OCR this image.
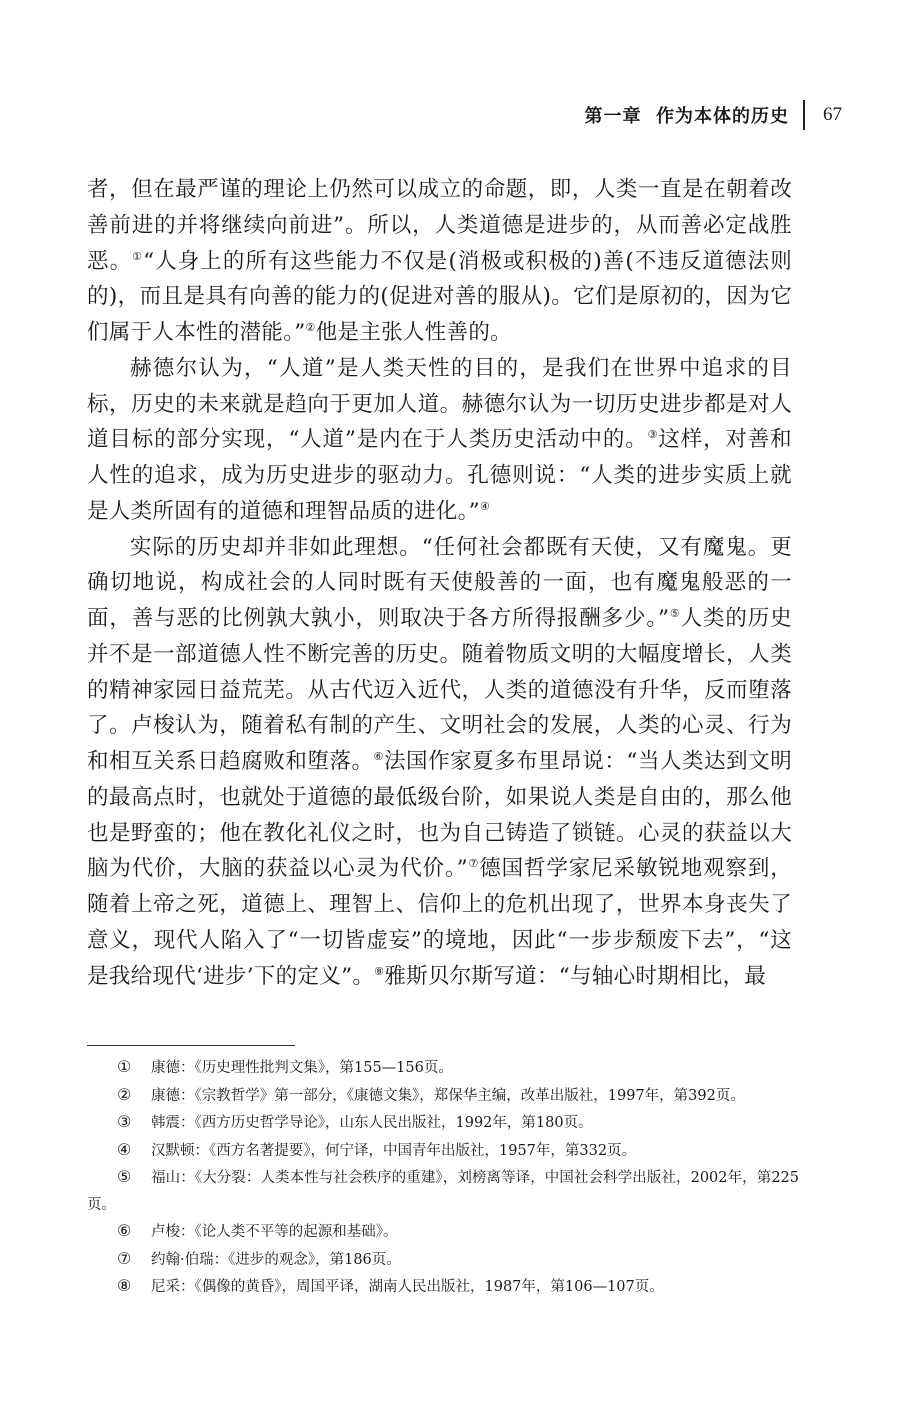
第一章  作为本体的历史 67

者，但在最严谨的理论上仍然可以成立的命题，即，人类一直是在朝着改善前进的并将继续向前进”。所以，人类道德是进步的，从而善必定战胜恶。①“人身上的所有这些能力不仅是(消极或积极的)善(不违反道德法则的)，而且是具有向善的能力的(促进对善的服从)。它们是原初的，因为它们属于人本性的潜能。”②他是主张人性善的。

赫德尔认为，“人道”是人类天性的目的，是我们在世界中追求的目标，历史的未来就是趋向于更加人道。赫德尔认为一切历史进步都是对人道目标的部分实现，“人道”是内在于人类历史活动中的。③这样，对善和人性的追求，成为历史进步的驱动力。孔德则说：“人类的进步实质上就是人类所固有的道德和理智品质的进化。”④

实际的历史却并非如此理想。“任何社会都既有天使，又有魔鬼。更确切地说，构成社会的人同时既有天使般善的一面，也有魔鬼般恶的一面，善与恶的比例孰大孰小，则取决于各方所得报酬多少。”⑤人类的历史并不是一部道德人性不断完善的历史。随着物质文明的大幅度增长，人类的精神家园日益荒芜。从古代迈入近代，人类的道德没有升华，反而堕落了。卢梭认为，随着私有制的产生、文明社会的发展，人类的心灵、行为和相互关系日趋腐败和堕落。⑥法国作家夏多布里昂说：“当人类达到文明的最高点时，也就处于道德的最低级台阶，如果说人类是自由的，那么他也是野蛮的；他在教化礼仪之时，也为自己铸造了锁链。心灵的获益以大脑为代价，大脑的获益以心灵为代价。”⑦德国哲学家尼采敏锐地观察到，随着上帝之死，道德上、理智上、信仰上的危机出现了，世界本身丧失了意义，现代人陷入了“一切皆虚妄”的境地，因此“一步步颓废下去”，“这是我给现代‘进步’下的定义”。⑧雅斯贝尔斯写道：“与轴心时期相比，最

① 康德：《历史理性批判文集》，第155—156页。

② 康德：《宗教哲学》第一部分，《康德文集》，郑保华主编，改革出版社，1997年，第392页。

③ 韩震：《西方历史哲学导论》，山东人民出版社，1992年，第180页。

④ 汉默顿：《西方名著提要》，何宁译，中国青年出版社，1957年，第332页。

⑤ 福山：《大分裂：人类本性与社会秩序的重建》，刘榜离等译，中国社会科学出版社，2002年，第225页。

⑥ 卢梭：《论人类不平等的起源和基础》。

⑦ 约翰·伯瑞：《进步的观念》，第186页。

⑧ 尼采：《偶像的黄昏》，周国平译，湖南人民出版社，1987年，第106—107页。
